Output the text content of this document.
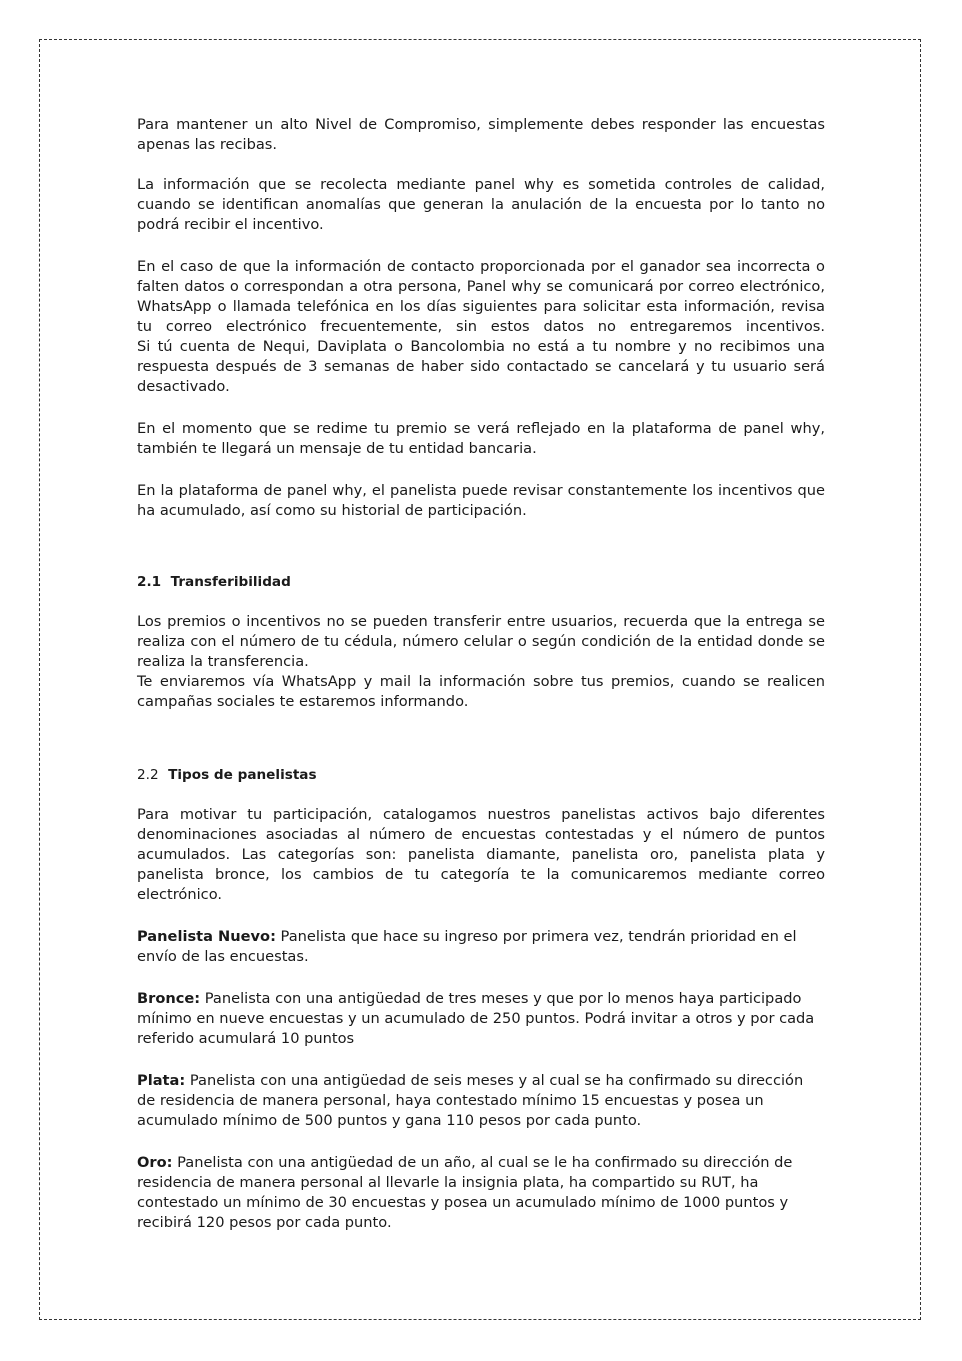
Para mantener un alto Nivel de Compromiso, simplemente debes responder las encuestas apenas las recibas.

La información que se recolecta mediante panel why es sometida controles de calidad, cuando se identifican anomalías que generan la anulación de la encuesta por lo tanto no podrá recibir el incentivo.

En el caso de que la información de contacto proporcionada por el ganador sea incorrecta o falten datos o correspondan a otra persona, Panel why se comunicará por correo electrónico, WhatsApp o llamada telefónica en los días siguientes para solicitar esta información, revisa tu correo electrónico frecuentemente, sin estos datos no entregaremos incentivos.

Si tú cuenta de Nequi, Daviplata o Bancolombia no está a tu nombre y no recibimos una respuesta después de 3 semanas de haber sido contactado se cancelará y tu usuario será desactivado.

En el momento que se redime tu premio se verá reflejado en la plataforma de panel why, también te llegará un mensaje de tu entidad bancaria.

En la plataforma de panel why, el panelista puede revisar constantemente los incentivos que ha acumulado, así como su historial de participación.

2.1 Transferibilidad

Los premios o incentivos no se pueden transferir entre usuarios, recuerda que la entrega se realiza con el número de tu cédula, número celular o según condición de la entidad donde se realiza la transferencia.

Te enviaremos vía WhatsApp y mail la información sobre tus premios, cuando se realicen campañas sociales te estaremos informando.

2.2 Tipos de panelistas

Para motivar tu participación, catalogamos nuestros panelistas activos bajo diferentes denominaciones asociadas al número de encuestas contestadas y el número de puntos acumulados. Las categorías son: panelista diamante, panelista oro, panelista plata y panelista bronce, los cambios de tu categoría te la comunicaremos mediante correo electrónico.

Panelista Nuevo: Panelista que hace su ingreso por primera vez, tendrán prioridad en el envío de las encuestas.

Bronce: Panelista con una antigüedad de tres meses y que por lo menos haya participado mínimo en nueve encuestas y un acumulado de 250 puntos. Podrá invitar a otros y por cada referido acumulará 10 puntos

Plata: Panelista con una antigüedad de seis meses y al cual se ha confirmado su dirección de residencia de manera personal, haya contestado mínimo 15 encuestas y posea un acumulado mínimo de 500 puntos y gana 110 pesos por cada punto.

Oro: Panelista con una antigüedad de un año, al cual se le ha confirmado su dirección de residencia de manera personal al llevarle la insignia plata, ha compartido su RUT, ha contestado un mínimo de 30 encuestas y posea un acumulado mínimo de 1000 puntos y recibirá 120 pesos por cada punto.
